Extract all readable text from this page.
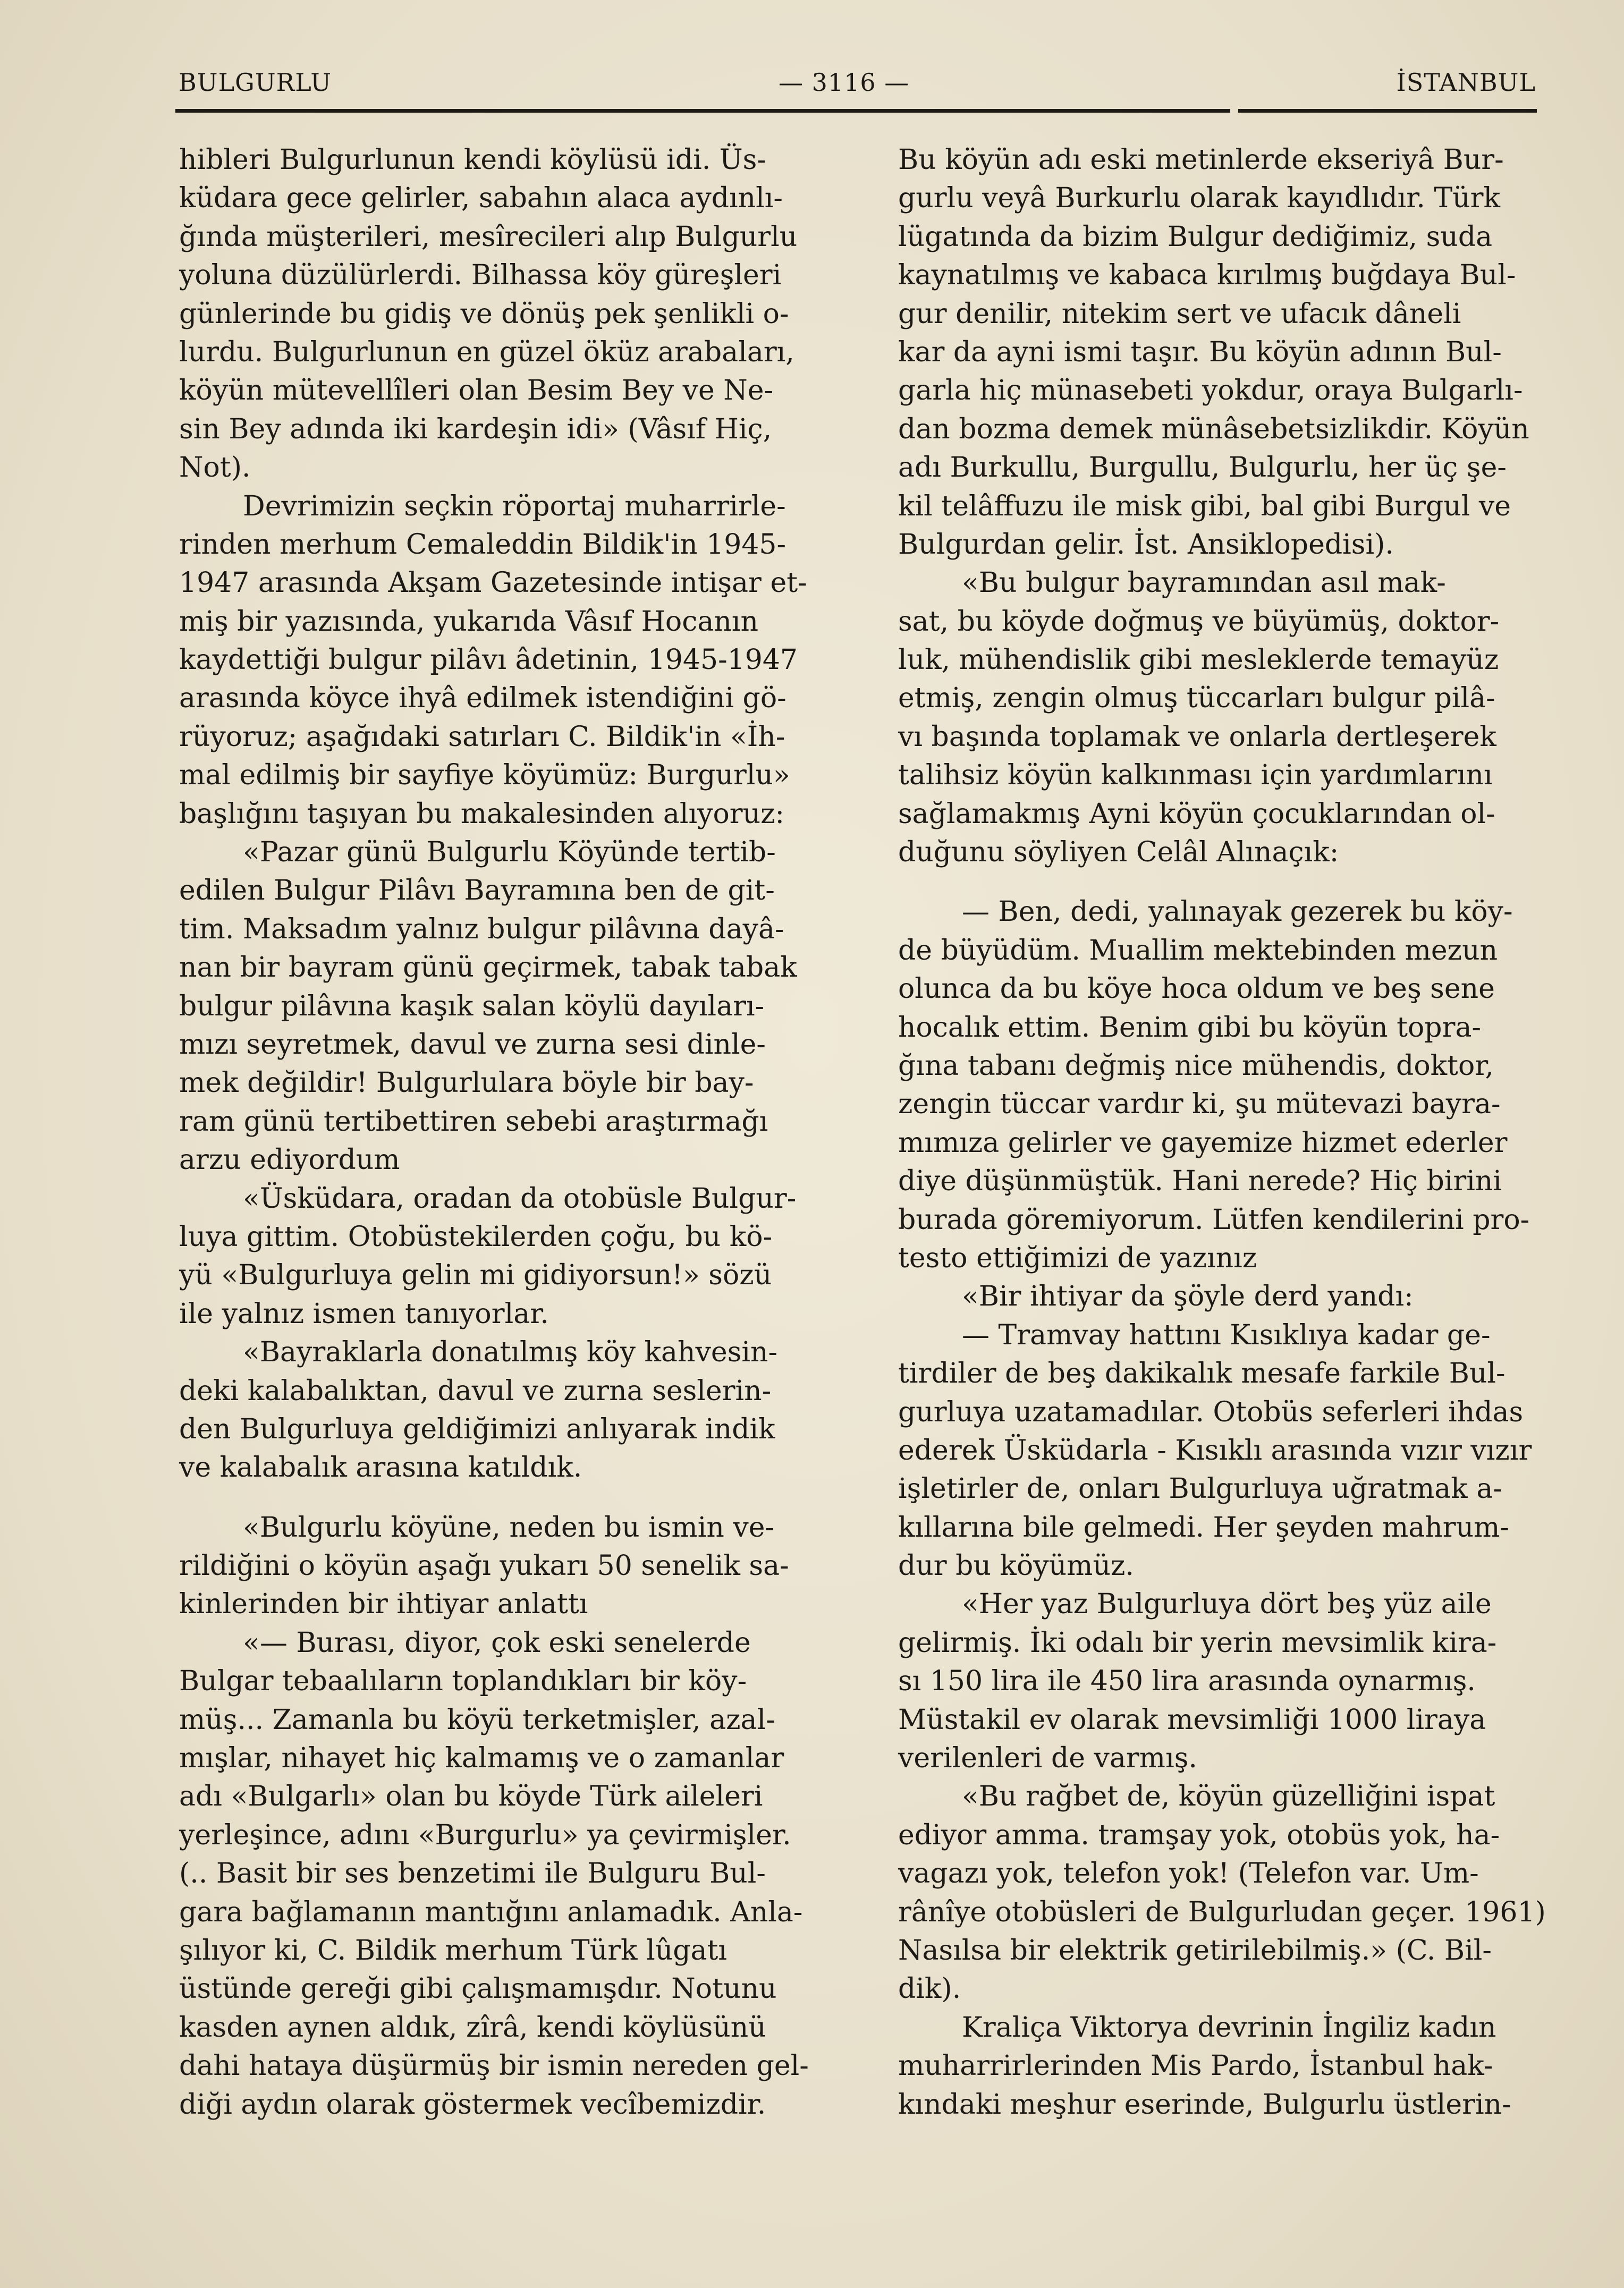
BULGURLU	— 3116 —	İSTANBUL
hibleri Bulgurlunun kendi köylüsü idi. Üs-
küdara gece gelirler, sabahın alaca aydınlı-
ğında müşterileri, mesîrecileri alıp Bulgurlu
yoluna düzülürlerdi. Bilhassa köy güreşleri
günlerinde bu gidiş ve dönüş pek şenlikli o-
lurdu. Bulgurlunun en güzel öküz arabaları,
köyün mütevellîleri olan Besim Bey ve Ne-
sin Bey adında iki kardeşin idi» (Vâsıf Hiç,
Not).
Devrimizin seçkin röportaj muharrirle-
rinden merhum Cemaleddin Bildik'in 1945-
1947 arasında Akşam Gazetesinde intişar et-
miş bir yazısında, yukarıda Vâsıf Hocanın
kaydettiği bulgur pilâvı âdetinin, 1945-1947
arasında köyce ihyâ edilmek istendiğini gö-
rüyoruz; aşağıdaki satırları C. Bildik'in «İh-
mal edilmiş bir sayfiye köyümüz: Burgurlu»
başlığını taşıyan bu makalesinden alıyoruz:
«Pazar günü Bulgurlu Köyünde tertib-
edilen Bulgur Pilâvı Bayramına ben de git-
tim. Maksadım yalnız bulgur pilâvına dayâ-
nan bir bayram günü geçirmek, tabak tabak
bulgur pilâvına kaşık salan köylü dayıları-
mızı seyretmek, davul ve zurna sesi dinle-
mek değildir! Bulgurlulara böyle bir bay-
ram günü tertibettiren sebebi araştırmağı
arzu ediyordum
«Üsküdara, oradan da otobüsle Bulgur-
luya gittim. Otobüstekilerden çoğu, bu kö-
yü «Bulgurluya gelin mi gidiyorsun!» sözü
ile yalnız ismen tanıyorlar.
«Bayraklarla donatılmış köy kahvesin-
deki kalabalıktan, davul ve zurna seslerin-
den Bulgurluya geldiğimizi anlıyarak indik
ve kalabalık arasına katıldık.
«Bulgurlu köyüne, neden bu ismin ve-
rildiğini o köyün aşağı yukarı 50 senelik sa-
kinlerinden bir ihtiyar anlattı
«— Burası, diyor, çok eski senelerde
Bulgar tebaalıların toplandıkları bir köy-
müş... Zamanla bu köyü terketmişler, azal-
mışlar, nihayet hiç kalmamış ve o zamanlar
adı «Bulgarlı» olan bu köyde Türk aileleri
yerleşince, adını «Burgurlu» ya çevirmişler.
(.. Basit bir ses benzetimi ile Bulguru Bul-
gara bağlamanın mantığını anlamadık. Anla-
şılıyor ki, C. Bildik merhum Türk lûgatı
üstünde gereği gibi çalışmamışdır. Notunu
kasden aynen aldık, zîrâ, kendi köylüsünü
dahi hataya düşürmüş bir ismin nereden gel-
diği aydın olarak göstermek vecîbemizdir.
Bu köyün adı eski metinlerde ekseriyâ Bur-
gurlu veyâ Burkurlu olarak kayıdlıdır. Türk
lügatında da bizim Bulgur dediğimiz, suda
kaynatılmış ve kabaca kırılmış buğdaya Bul-
gur denilir, nitekim sert ve ufacık dâneli
kar da ayni ismi taşır. Bu köyün adının Bul-
garla hiç münasebeti yokdur, oraya Bulgarlı-
dan bozma demek münâsebetsizlikdir. Köyün
adı Burkullu, Burgullu, Bulgurlu, her üç şe-
kil telâffuzu ile misk gibi, bal gibi Burgul ve
Bulgurdan gelir. İst. Ansiklopedisi).
«Bu bulgur bayramından asıl mak-
sat, bu köyde doğmuş ve büyümüş, doktor-
luk, mühendislik gibi mesleklerde temayüz
etmiş, zengin olmuş tüccarları bulgur pilâ-
vı başında toplamak ve onlarla dertleşerek
talihsiz köyün kalkınması için yardımlarını
sağlamakmış Ayni köyün çocuklarından ol-
duğunu söyliyen Celâl Alınaçık:
— Ben, dedi, yalınayak gezerek bu köy-
de büyüdüm. Muallim mektebinden mezun
olunca da bu köye hoca oldum ve beş sene
hocalık ettim. Benim gibi bu köyün topra-
ğına tabanı değmiş nice mühendis, doktor,
zengin tüccar vardır ki, şu mütevazi bayra-
mımıza gelirler ve gayemize hizmet ederler
diye düşünmüştük. Hani nerede? Hiç birini
burada göremiyorum. Lütfen kendilerini pro-
testo ettiğimizi de yazınız
«Bir ihtiyar da şöyle derd yandı:
— Tramvay hattını Kısıklıya kadar ge-
tirdiler de beş dakikalık mesafe farkile Bul-
gurluya uzatamadılar. Otobüs seferleri ihdas
ederek Üsküdarla - Kısıklı arasında vızır vızır
işletirler de, onları Bulgurluya uğratmak a-
kıllarına bile gelmedi. Her şeyden mahrum-
dur bu köyümüz.
«Her yaz Bulgurluya dört beş yüz aile
gelirmiş. İki odalı bir yerin mevsimlik kira-
sı 150 lira ile 450 lira arasında oynarmış.
Müstakil ev olarak mevsimliği 1000 liraya
verilenleri de varmış.
«Bu rağbet de, köyün güzelliğini ispat
ediyor amma. tramşay yok, otobüs yok, ha-
vagazı yok, telefon yok! (Telefon var. Um-
rânîye otobüsleri de Bulgurludan geçer. 1961)
Nasılsa bir elektrik getirilebilmiş.» (C. Bil-
dik).
Kraliça Viktorya devrinin İngiliz kadın
muharrirlerinden Mis Pardo, İstanbul hak-
kındaki meşhur eserinde, Bulgurlu üstlerin-
